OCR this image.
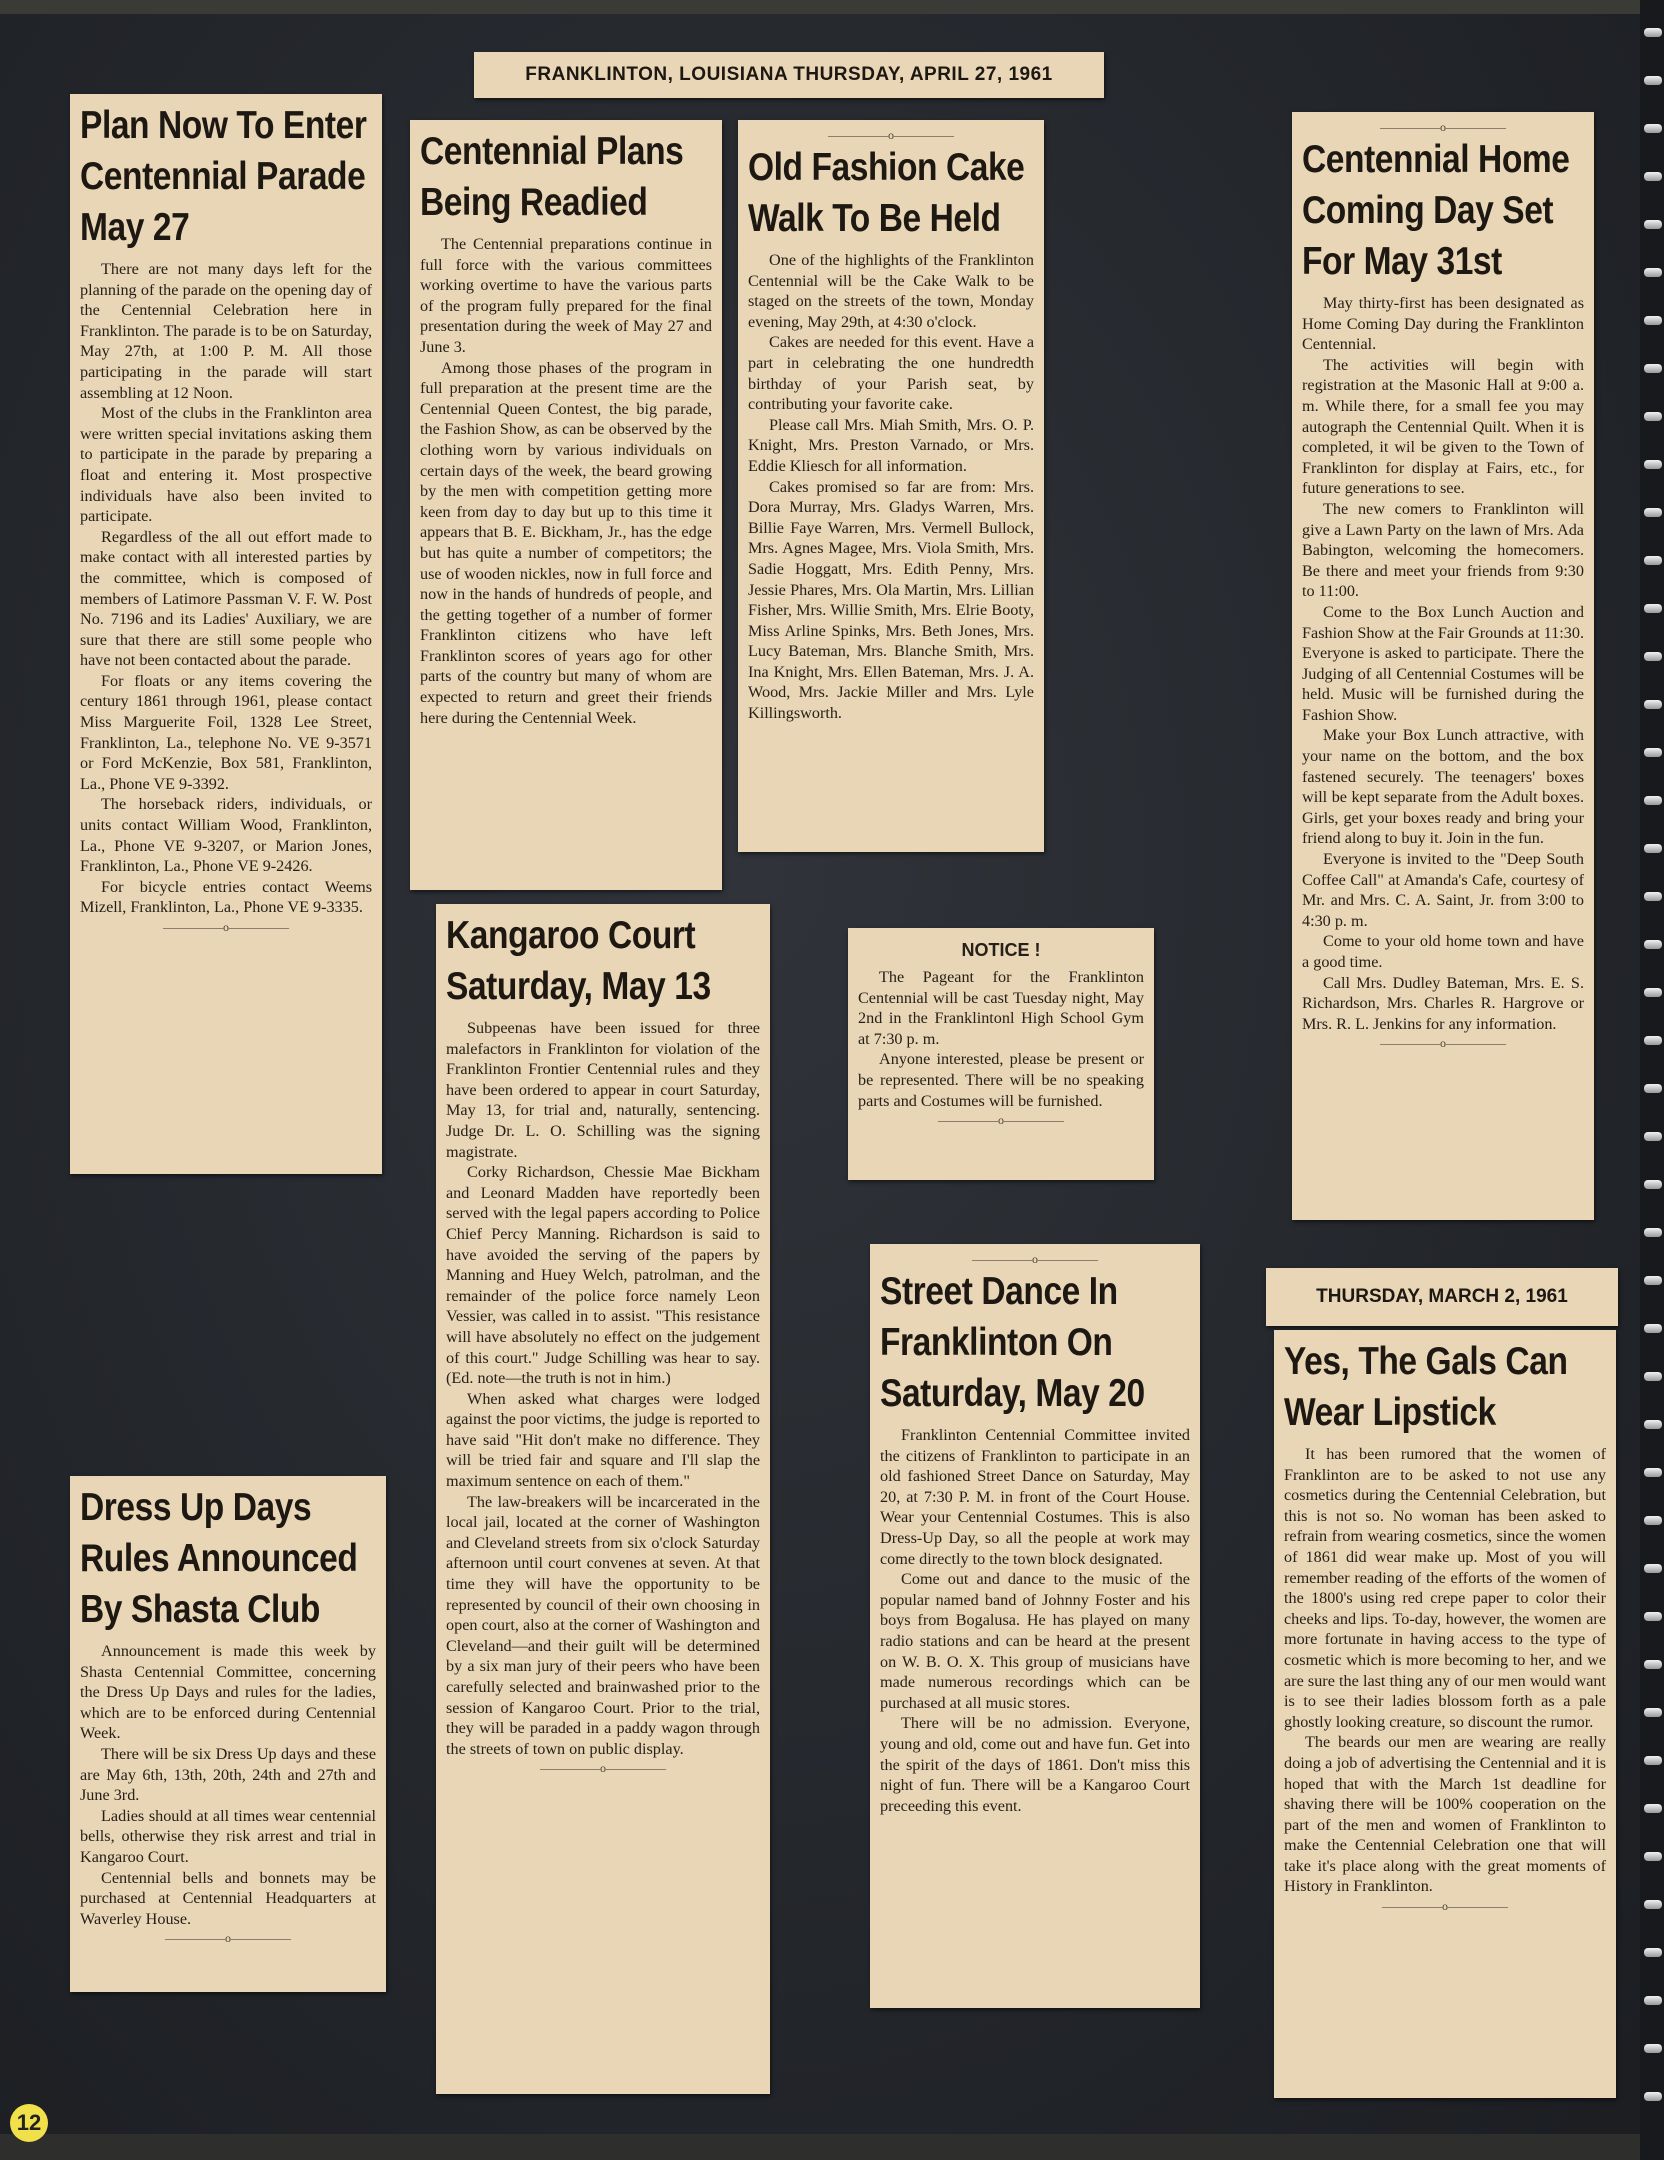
FRANKLINTON, LOUISIANA THURSDAY, APRIL 27, 1961
Plan Now To Enter Centennial Parade May 27

There are not many days left for the planning of the parade on the opening day of the Centennial Celebration here in Franklinton. The parade is to be on Saturday, May 27th, at 1:00 P. M. All those participating in the parade will start assembling at 12 Noon.

Most of the clubs in the Franklinton area were written special invitations asking them to participate in the parade by preparing a float and entering it. Most prospective individuals have also been invited to participate.

Regardless of the all out effort made to make contact with all interested parties by the committee, which is composed of members of Latimore Passman V. F. W. Post No. 7196 and its Ladies' Auxiliary, we are sure that there are still some people who have not been contacted about the parade.

For floats or any items covering the century 1861 through 1961, please contact Miss Marguerite Foil, 1328 Lee Street, Franklinton, La., telephone No. VE 9-3571 or Ford McKenzie, Box 581, Franklinton, La., Phone VE 9-3392.

The horseback riders, individuals, or units contact William Wood, Franklinton, La., Phone VE 9-3207, or Marion Jones, Franklinton, La., Phone VE 9-2426.

For bicycle entries contact Weems Mizell, Franklinton, La., Phone VE 9-3335.

—————o—————
Centennial Plans Being Readied

The Centennial preparations continue in full force with the various committees working overtime to have the various parts of the program fully prepared for the final presentation during the week of May 27 and June 3.

Among those phases of the program in full preparation at the present time are the Centennial Queen Contest, the big parade, the Fashion Show, as can be observed by the clothing worn by various individuals on certain days of the week, the beard growing by the men with competition getting more keen from day to day but up to this time it appears that B. E. Bickham, Jr., has the edge but has quite a number of competitors; the use of wooden nickles, now in full force and now in the hands of hundreds of people, and the getting together of a number of former Franklinton citizens who have left Franklinton scores of years ago for other parts of the country but many of whom are expected to return and greet their friends here during the Centennial Week.

—————o—————
Old Fashion Cake Walk To Be Held

One of the highlights of the Franklinton Centennial will be the Cake Walk to be staged on the streets of the town, Monday evening, May 29th, at 4:30 o'clock.

Cakes are needed for this event. Have a part in celebrating the one hundredth birthday of your Parish seat, by contributing your favorite cake.

Please call Mrs. Miah Smith, Mrs. O. P. Knight, Mrs. Preston Varnado, or Mrs. Eddie Kliesch for all information.

Cakes promised so far are from: Mrs. Dora Murray, Mrs. Gladys Warren, Mrs. Billie Faye Warren, Mrs. Vermell Bullock, Mrs. Agnes Magee, Mrs. Viola Smith, Mrs. Sadie Hoggatt, Mrs. Edith Penny, Mrs. Jessie Phares, Mrs. Ola Martin, Mrs. Lillian Fisher, Mrs. Willie Smith, Mrs. Elrie Booty, Miss Arline Spinks, Mrs. Beth Jones, Mrs. Lucy Bateman, Mrs. Blanche Smith, Mrs. Ina Knight, Mrs. Ellen Bateman, Mrs. J. A. Wood, Mrs. Jackie Miller and Mrs. Lyle Killingsworth.

—————o—————
Centennial Home Coming Day Set For May 31st

May thirty-first has been designated as Home Coming Day during the Franklinton Centennial.

The activities will begin with registration at the Masonic Hall at 9:00 a. m. While there, for a small fee you may autograph the Centennial Quilt. When it is completed, it wil be given to the Town of Franklinton for display at Fairs, etc., for future generations to see.

The new comers to Franklinton will give a Lawn Party on the lawn of Mrs. Ada Babington, welcoming the homecomers. Be there and meet your friends from 9:30 to 11:00.

Come to the Box Lunch Auction and Fashion Show at the Fair Grounds at 11:30. Everyone is asked to participate. There the Judging of all Centennial Costumes will be held. Music will be furnished during the Fashion Show.

Make your Box Lunch attractive, with your name on the bottom, and the box fastened securely. The teenagers' boxes will be kept separate from the Adult boxes. Girls, get your boxes ready and bring your friend along to buy it. Join in the fun.

Everyone is invited to the "Deep South Coffee Call" at Amanda's Cafe, courtesy of Mr. and Mrs. C. A. Saint, Jr. from 3:00 to 4:30 p. m.

Come to your old home town and have a good time.

Call Mrs. Dudley Bateman, Mrs. E. S. Richardson, Mrs. Charles R. Hargrove or Mrs. R. L. Jenkins for any information.

—————o—————
NOTICE !

The Pageant for the Franklinton Centennial will be cast Tuesday night, May 2nd in the Franklintonl High School Gym at 7:30 p. m.

Anyone interested, please be present or be represented. There will be no speaking parts and Costumes will be furnished.

—————o—————
Kangaroo Court Saturday, May 13

Subpeenas have been issued for three malefactors in Franklinton for violation of the Franklinton Frontier Centennial rules and they have been ordered to appear in court Saturday, May 13, for trial and, naturally, sentencing. Judge Dr. L. O. Schilling was the signing magistrate.

Corky Richardson, Chessie Mae Bickham and Leonard Madden have reportedly been served with the legal papers according to Police Chief Percy Manning. Richardson is said to have avoided the serving of the papers by Manning and Huey Welch, patrolman, and the remainder of the police force namely Leon Vessier, was called in to assist. "This resistance will have absolutely no effect on the judgement of this court." Judge Schilling was hear to say. (Ed. note—the truth is not in him.)

When asked what charges were lodged against the poor victims, the judge is reported to have said "Hit don't make no difference. They will be tried fair and square and I'll slap the maximum sentence on each of them."

The law-breakers will be incarcerated in the local jail, located at the corner of Washington and Cleveland streets from six o'clock Saturday afternoon until court convenes at seven. At that time they will have the opportunity to be represented by council of their own choosing in open court, also at the corner of Washington and Cleveland—and their guilt will be determined by a six man jury of their peers who have been carefully selected and brainwashed prior to the session of Kangaroo Court. Prior to the trial, they will be paraded in a paddy wagon through the streets of town on public display.

—————o—————
Dress Up Days Rules Announced By Shasta Club

Announcement is made this week by Shasta Centennial Committee, concerning the Dress Up Days and rules for the ladies, which are to be enforced during Centennial Week.

There will be six Dress Up days and these are May 6th, 13th, 20th, 24th and 27th and June 3rd.

Ladies should at all times wear centennial bells, otherwise they risk arrest and trial in Kangaroo Court.

Centennial bells and bonnets may be purchased at Centennial Headquarters at Waverley House.

—————o—————
—————o—————
Street Dance In Franklinton On Saturday, May 20

Franklinton Centennial Committee invited the citizens of Franklinton to participate in an old fashioned Street Dance on Saturday, May 20, at 7:30 P. M. in front of the Court House. Wear your Centennial Costumes. This is also Dress-Up Day, so all the people at work may come directly to the town block designated.

Come out and dance to the music of the popular named band of Johnny Foster and his boys from Bogalusa. He has played on many radio stations and can be heard at the present on W. B. O. X. This group of musicians have made numerous recordings which can be purchased at all music stores.

There will be no admission. Everyone, young and old, come out and have fun. Get into the spirit of the days of 1861. Don't miss this night of fun. There will be a Kangaroo Court preceeding this event.

THURSDAY, MARCH 2, 1961
Yes, The Gals Can Wear Lipstick

It has been rumored that the women of Franklinton are to be asked to not use any cosmetics during the Centennial Celebration, but this is not so. No woman has been asked to refrain from wearing cosmetics, since the women of 1861 did wear make up. Most of you will remember reading of the efforts of the women of the 1800's using red crepe paper to color their cheeks and lips. To-day, however, the women are more fortunate in having access to the type of cosmetic which is more becoming to her, and we are sure the last thing any of our men would want is to see their ladies blossom forth as a pale ghostly looking creature, so discount the rumor.

The beards our men are wearing are really doing a job of advertising the Centennial and it is hoped that with the March 1st deadline for shaving there will be 100% cooperation on the part of the men and women of Franklinton to make the Centennial Celebration one that will take it's place along with the great moments of History in Franklinton.

—————o—————
12
